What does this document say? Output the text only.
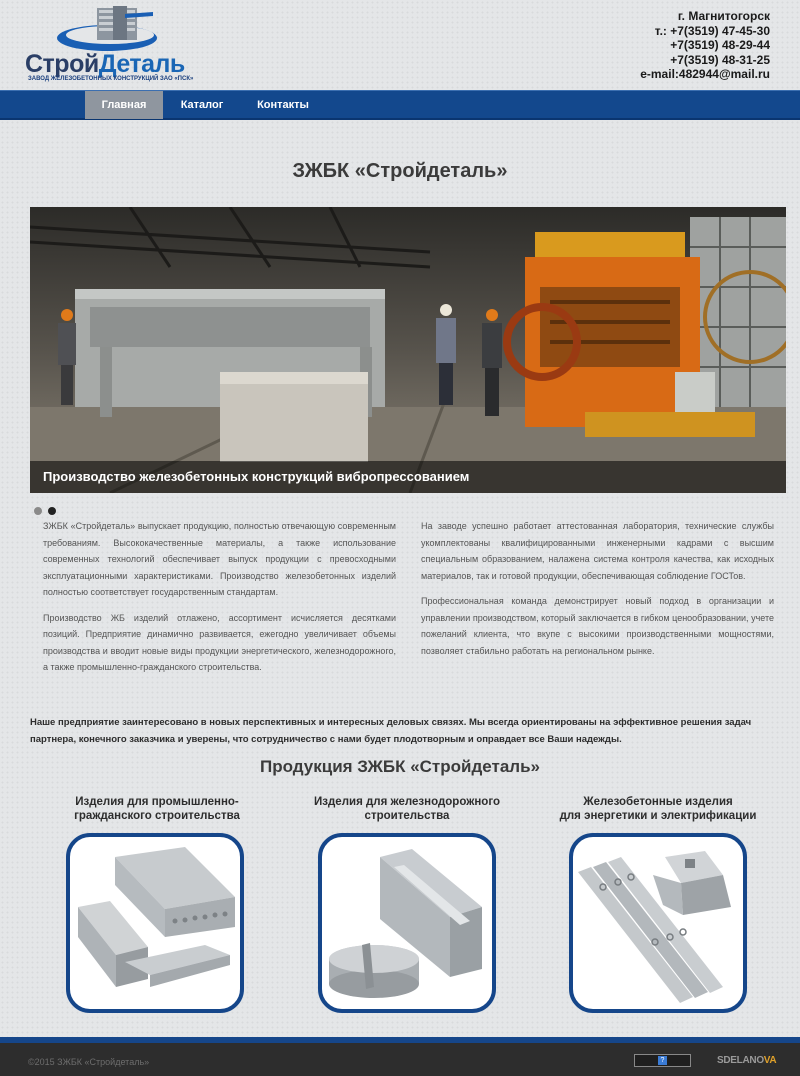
СтройДеталь
ЗАВОД ЖЕЛЕЗОБЕТОННЫХ КОНСТРУКЦИЙ ЗАО «ПСК»
г. Магнитогорск
т.: +7(3519) 47-45-30
+7(3519) 48-29-44
+7(3519) 48-31-25
e-mail:482944@mail.ru
Главная	Каталог	Контакты
ЗЖБК «Стройдеталь»
Производство железобетонных конструкций вибропрессованием

ЗЖБК «Стройдеталь» выпускает продукцию, полностью отвечающую современным требованиям. Высококачественные материалы, а также использование современных технологий обеспечивает выпуск продукции с превосходными эксплуатационными характеристиками. Производство железобетонных изделий полностью соответствует государственным стандартам.

Производство ЖБ изделий отлажено, ассортимент исчисляется десятками позиций. Предприятие динамично развивается, ежегодно увеличивает объемы производства и вводит новые виды продукции энергетического, железнодорожного, а также промышленно-гражданского строительства.

На заводе успешно работает аттестованная лаборатория, технические службы укомплектованы квалифицированными инженерными кадрами с высшим специальным образованием, налажена система контроля качества, как исходных материалов, так и готовой продукции, обеспечивающая соблюдение ГОСТов.

Профессиональная команда демонстрирует новый подход в организации и управлении производством, который заключается в гибком ценообразовании, учете пожеланий клиента, что вкупе с высокими производственными мощностями, позволяет стабильно работать на региональном рынке.

Наше предприятие заинтересовано в новых перспективных и интересных деловых связях. Мы всегда ориентированы на эффективное решения задач партнера, конечного заказчика и уверены, что сотрудничество с нами будет плодотворным и оправдает все Ваши надежды.
Продукция ЗЖБК «Стройдеталь»
Изделия для промышленно-
гражданского строительства
Изделия для железнодорожного
строительства
Железобетонные изделия
для энергетики и электрификации
©2015 ЗЖБК «Стройдеталь»	?	SDELANOVA
